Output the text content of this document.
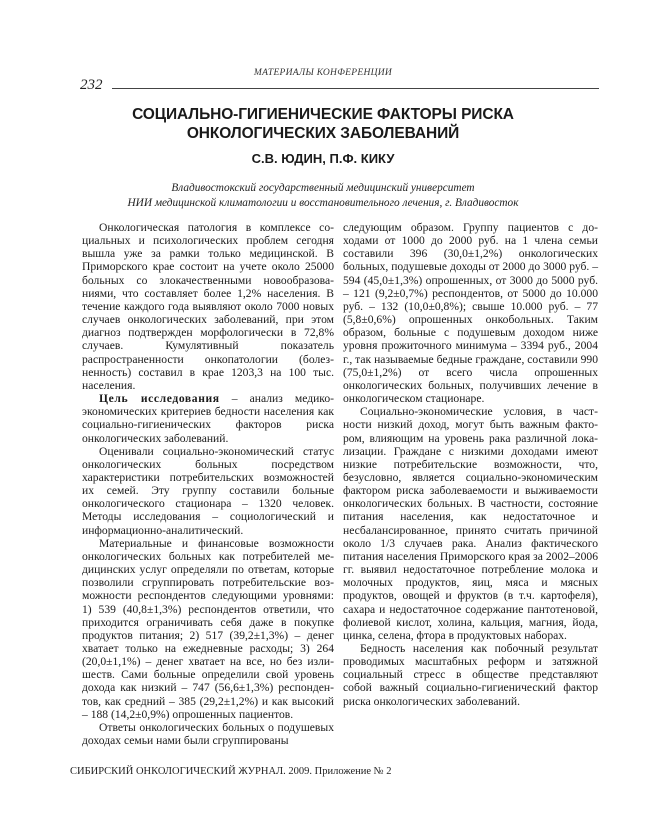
МАТЕРИАЛЫ КОНФЕРЕНЦИИ
232
СОЦИАЛЬНО-ГИГИЕНИЧЕСКИЕ ФАКТОРЫ РИСКА
ОНКОЛОГИЧЕСКИХ ЗАБОЛЕВАНИЙ
С.В. ЮДИН, П.Ф. КИКУ
Владивостокский государственный медицинский университет
НИИ медицинской климатологии и восстановительного лечения, г. Владивосток

Онкологическая патология в комплексе социальных и психологических проблем сегодня вышла уже за рамки только медицинской. В Приморского крае состоит на учете около 25000 больных со злокачественными новообразованиями, что составляет более 1,2% населения. В течение каждого года выявляют около 7000 новых случаев онкологических заболеваний, при этом диагноз подтвержден морфологически в 72,8% случаев. Кумулятивный показатель распространенности онкопатологии (болезненность) составил в крае 1203,3 на 100 тыс. населения.

Цель исследования – анализ медико-экономических критериев бедности населения как социально-гигиенических факторов риска онкологических заболеваний.

Оценивали социально-экономический статус онкологических больных посредством характеристики потребительских возможностей их семей. Эту группу составили больные онкологического стационара – 1320 человек. Методы исследования – социологический и информационно-аналитический.

Материальные и финансовые возможности онкологических больных как потребителей медицинских услуг определяли по ответам, которые позволили сгруппировать потребительские возможности респондентов следующими уровнями: 1) 539 (40,8±1,3%) респондентов ответили, что приходится ограничивать себя даже в покупке продуктов питания; 2) 517 (39,2±1,3%) – денег хватает только на ежедневные расходы; 3) 264 (20,0±1,1%) – денег хватает на все, но без излишеств. Сами больные определили свой уровень дохода как низкий – 747 (56,6±1,3%) респондентов, как средний – 385 (29,2±1,2%) и как высокий – 188 (14,2±0,9%) опрошенных пациентов.

Ответы онкологических больных о подушевых доходах семьи нами были сгруппированы

следующим образом. Группу пациентов с доходами от 1000 до 2000 руб. на 1 члена семьи составили 396 (30,0±1,2%) онкологических больных, подушевые доходы от 2000 до 3000 руб. – 594 (45,0±1,3%) опрошенных, от 3000 до 5000 руб. – 121 (9,2±0,7%) респондентов, от 5000 до 10.000 руб. – 132 (10,0±0,8%); свыше 10.000 руб. – 77 (5,8±0,6%) опрошенных онкобольных. Таким образом, больные с подушевым доходом ниже уровня прожиточного минимума – 3394 руб., 2004 г., так называемые бедные граждане, составили 990 (75,0±1,2%) от всего числа опрошенных онкологических больных, получивших лечение в онкологическом стационаре.

Социально-экономические условия, в частности низкий доход, могут быть важным фактором, влияющим на уровень рака различной локализации. Граждане с низкими доходами имеют низкие потребительские возможности, что, безусловно, является социально-экономическим фактором риска заболеваемости и выживаемости онкологических больных. В частности, состояние питания населения, как недостаточное и несбалансированное, принято считать причиной около 1/3 случаев рака. Анализ фактического питания населения Приморского края за 2002–2006 гг. выявил недостаточное потребление молока и молочных продуктов, яиц, мяса и мясных продуктов, овощей и фруктов (в т.ч. картофеля), сахара и недостаточное содержание пантотеновой, фолиевой кислот, холина, кальция, магния, йода, цинка, селена, фтора в продуктовых наборах.

Бедность населения как побочный результат проводимых масштабных реформ и затяжной социальный стресс в обществе представляют собой важный социально-гигиенический фактор риска онкологических заболеваний.

СИБИРСКИЙ ОНКОЛОГИЧЕСКИЙ ЖУРНАЛ. 2009. Приложение № 2
